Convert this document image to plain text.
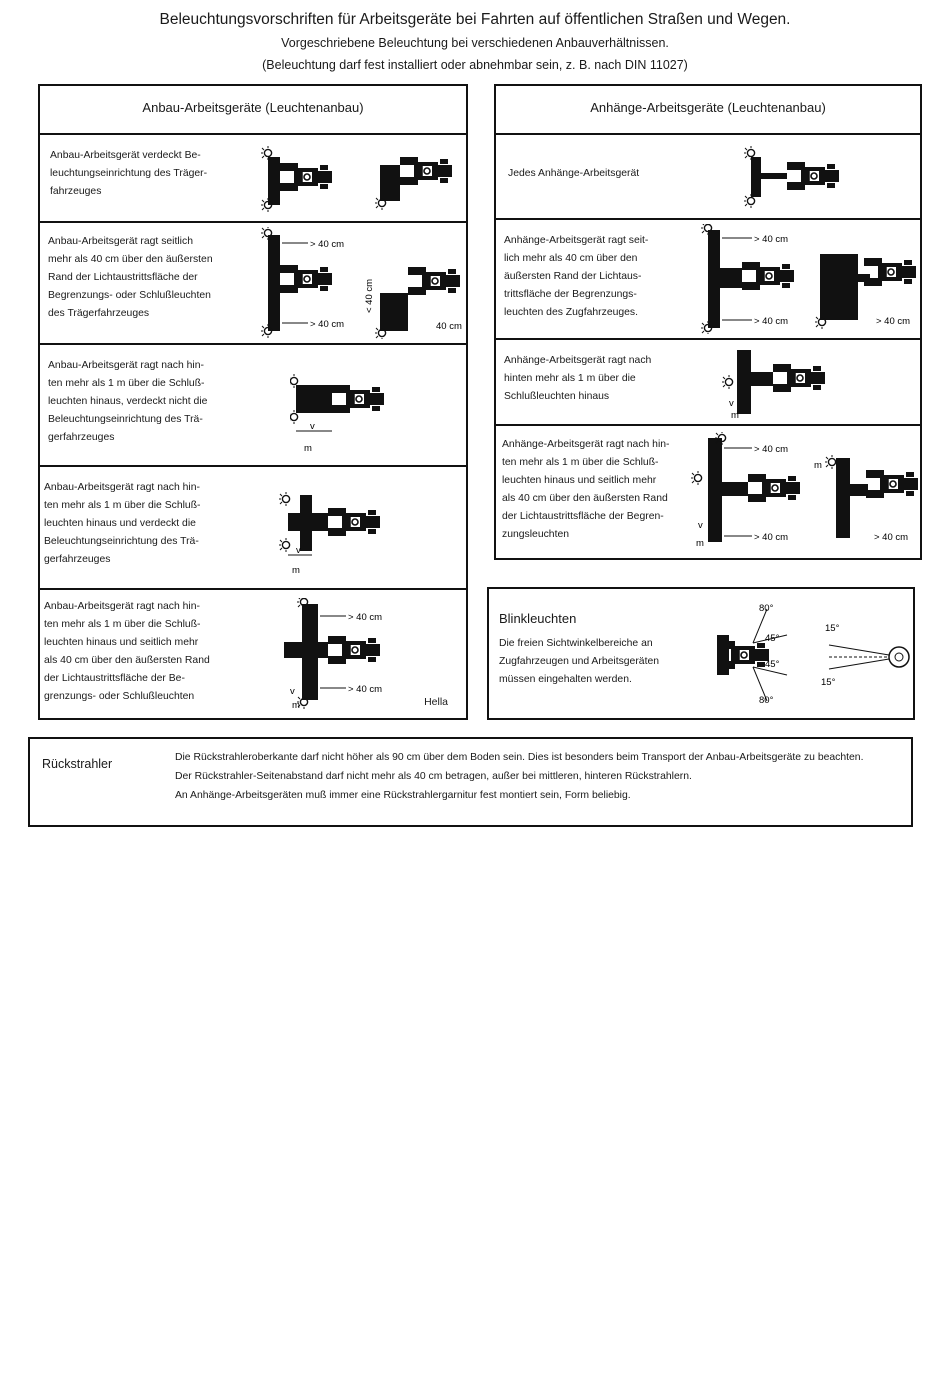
Beleuchtungsvorschriften für Arbeitsgeräte bei Fahrten auf öffentlichen Straßen und Wegen.
Vorgeschriebene Beleuchtung bei verschiedenen Anbauverhältnissen.
(Beleuchtung darf fest installiert oder abnehmbar sein, z. B. nach DIN 11027)
Anbau-Arbeitsgeräte (Leuchtenanbau)
Anbau-Arbeitsgerät verdeckt Be-
leuchtungseinrichtung des Träger-
fahrzeuges
Anbau-Arbeitsgerät ragt seitlich
mehr als 40 cm über den äußersten
Rand der Lichtaustrittsfläche der
Begrenzungs- oder Schlußleuchten
des Trägerfahrzeuges
> 40 cm
> 40 cm
< 40 cm
40 cm
Anbau-Arbeitsgerät ragt nach hin-
ten mehr als 1 m über die Schluß-
leuchten hinaus, verdeckt nicht die
Beleuchtungseinrichtung des Trä-
gerfahrzeuges
v
m
Anbau-Arbeitsgerät ragt nach hin-
ten mehr als 1 m über die Schluß-
leuchten hinaus und verdeckt die
Beleuchtungseinrichtung des Trä-
gerfahrzeuges
v
m
Anbau-Arbeitsgerät ragt nach hin-
ten mehr als 1 m über die Schluß-
leuchten hinaus und seitlich mehr
als 40 cm über den äußersten Rand
der Lichtaustrittsfläche der Be-
grenzungs- oder Schlußleuchten
> 40 cm
> 40 cm
v
m	Hella
Anhänge-Arbeitsgeräte (Leuchtenanbau)
Jedes Anhänge-Arbeitsgerät
Anhänge-Arbeitsgerät ragt seit-
lich mehr als 40 cm über den
äußersten Rand der Lichtaus-
trittsfläche der Begrenzungs-
leuchten des Zugfahrzeuges.
> 40 cm
> 40 cm	> 40 cm
Anhänge-Arbeitsgerät ragt nach
hinten mehr als 1 m über die
Schlußleuchten hinaus
v
m
Anhänge-Arbeitsgerät ragt nach hin-
ten mehr als 1 m über die Schluß-
leuchten hinaus und seitlich mehr
als 40 cm über den äußersten Rand
der Lichtaustrittsfläche der Begren-
zungsleuchten
> 40 cm
> 40 cm
v
m
m
> 40 cm
Blinkleuchten
Die freien Sichtwinkelbereiche an
Zugfahrzeugen und Arbeitsgeräten
müssen eingehalten werden.
80°
45°
45°
80°
15°
15°
Rückstrahler	Die Rückstrahleroberkante darf nicht höher als 90 cm über dem Boden sein. Dies ist besonders beim Transport der Anbau-Arbeitsgeräte zu beachten.
Der Rückstrahler-Seitenabstand darf nicht mehr als 40 cm betragen, außer bei mittleren, hinteren Rückstrahlern.
An Anhänge-Arbeitsgeräten muß immer eine Rückstrahlergarnitur fest montiert sein, Form beliebig.
